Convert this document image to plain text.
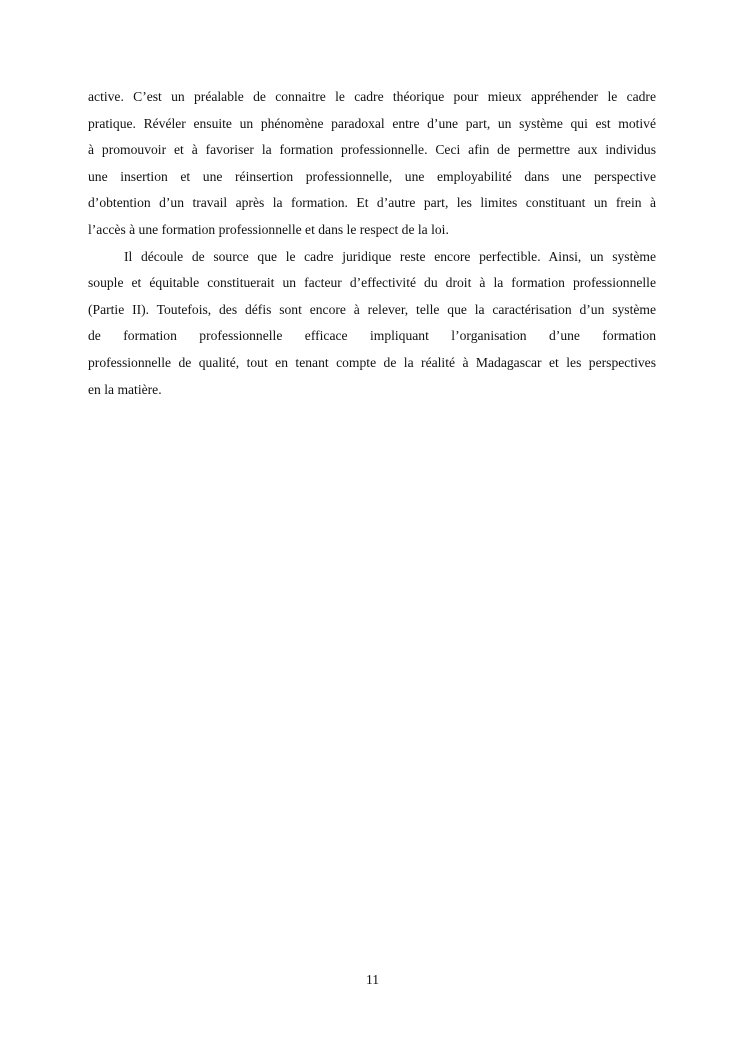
active. C’est un préalable de connaitre le cadre théorique pour mieux appréhender le cadre
pratique. Révéler ensuite un phénomène paradoxal entre d’une part, un système qui est motivé
à promouvoir et à favoriser la formation professionnelle. Ceci afin de permettre aux individus
une insertion et une réinsertion professionnelle, une employabilité dans une perspective
d’obtention d’un travail après la formation. Et d’autre part, les limites constituant un frein à
l’accès à une formation professionnelle et dans le respect de la loi.
Il découle de source que le cadre juridique reste encore perfectible. Ainsi, un système
souple et équitable constituerait un facteur d’effectivité du droit à la formation professionnelle
(Partie II). Toutefois, des défis sont encore à relever, telle que la caractérisation d’un système
de formation professionnelle efficace impliquant l’organisation d’une formation
professionnelle de qualité, tout en tenant compte de la réalité à Madagascar et les perspectives
en la matière.
11
